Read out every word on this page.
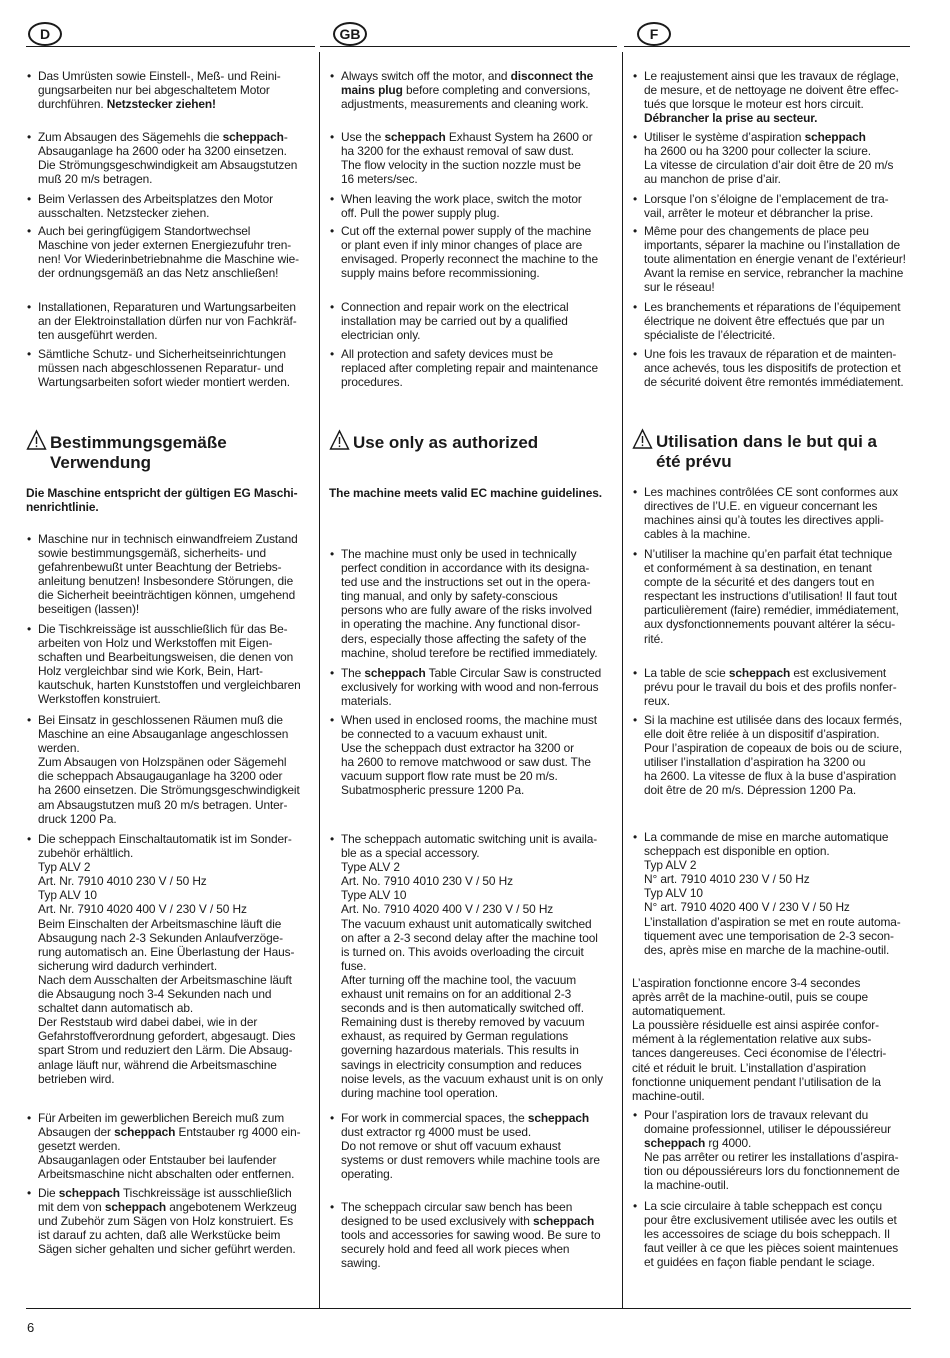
D	GB	F
6
• Das Umrüsten sowie Einstell-, Meß- und Reini-
gungsarbeiten nur bei abgeschaltetem Motor
durchführen. Netzstecker ziehen!
• Zum Absaugen des Sägemehls die scheppach-
Absauganlage ha 2600 oder ha 3200 einsetzen.
Die Strömungsgeschwindigkeit am Absaugstutzen
muß 20 m/s betragen.
• Beim Verlassen des Arbeitsplatzes den Motor
ausschalten. Netzstecker ziehen.
• Auch bei geringfügigem Standortwechsel
Maschine von jeder externen Energiezufuhr tren-
nen! Vor Wiederinbetriebnahme die Maschine wie-
der ordnungsgemäß an das Netz anschließen!
• Installationen, Reparaturen und Wartungsarbeiten
an der Elektroinstallation dürfen nur von Fachkräf-
ten ausgeführt werden.
• Sämtliche Schutz- und Sicherheitseinrichtungen
müssen nach abgeschlossenen Reparatur- und
Wartungsarbeiten sofort wieder montiert werden.
Die Maschine entspricht der gültigen EG Maschi-
nenrichtlinie.
• Maschine nur in technisch einwandfreiem Zustand
sowie bestimmungsgemäß, sicherheits- und
gefahrenbewußt unter Beachtung der Betriebs-
anleitung benutzen! Insbesondere Störungen, die
die Sicherheit beeinträchtigen können, umgehend
beseitigen (lassen)!
• Die Tischkreissäge ist ausschließlich für das Be-
arbeiten von Holz und Werkstoffen mit Eigen-
schaften und Bearbeitungsweisen, die denen von
Holz vergleichbar sind wie Kork, Bein, Hart-
kautschuk, harten Kunststoffen und vergleichbaren
Werkstoffen konstruiert.
• Bei Einsatz in geschlossenen Räumen muß die
Maschine an eine Absauganlage angeschlossen
werden.
Zum Absaugen von Holzspänen oder Sägemehl
die scheppach Absaugauganlage ha 3200 oder
ha 2600 einsetzen. Die Strömungsgeschwindigkeit
am Absaugstutzen muß 20 m/s betragen. Unter-
druck 1200 Pa.
• Die scheppach Einschaltautomatik ist im Sonder-
zubehör erhältlich.
Typ ALV 2
Art. Nr. 7910 4010 230 V / 50 Hz
Typ ALV 10
Art. Nr. 7910 4020 400 V / 230 V / 50 Hz
Beim Einschalten der Arbeitsmaschine läuft die
Absaugung nach 2-3 Sekunden Anlaufverzöge-
rung automatisch an. Eine Überlastung der Haus-
sicherung wird dadurch verhindert.
Nach dem Ausschalten der Arbeitsmaschine läuft
die Absaugung noch 3-4 Sekunden nach und
schaltet dann automatisch ab.
Der Reststaub wird dabei dabei, wie in der
Gefahrstoffverordnung gefordert, abgesaugt. Dies
spart Strom und reduziert den Lärm. Die Absaug-
anlage läuft nur, während die Arbeitsmaschine
betrieben wird.
• Für Arbeiten im gewerblichen Bereich muß zum
Absaugen der scheppach Entstauber rg 4000 ein-
gesetzt werden.
Absauganlagen oder Entstauber bei laufender
Arbeitsmaschine nicht abschalten oder entfernen.
• Die scheppach Tischkreissäge ist ausschließlich
mit dem von scheppach angebotenem Werkzeug
und Zubehör zum Sägen von Holz konstruiert. Es
ist darauf zu achten, daß alle Werkstücke beim
Sägen sicher gehalten und sicher geführt werden.
Bestimmungsgemäße
Verwendung
• Always switch off the motor, and disconnect the
mains plug before completing and conversions,
adjustments, measurements and cleaning work.
• Use the scheppach Exhaust System ha 2600 or
ha 3200 for the exhaust removal of saw dust.
The flow velocity in the suction nozzle must be
16 meters/sec.
• When leaving the work place, switch the motor
off. Pull the power supply plug.
• Cut off the external power supply of the machine
or plant even if inly minor changes of place are
envisaged. Properly reconnect the machine to the
supply mains before recommissioning.
• Connection and repair work on the electrical
installation may be carried out by a qualified
electrician only.
• All protection and safety devices must be
replaced after completing repair and maintenance
procedures.
The machine meets valid EC machine guidelines.
• The machine must only be used in technically
perfect condition in accordance with its designa-
ted use and the instructions set out in the opera-
ting manual, and only by safety-conscious
persons who are fully aware of the risks involved
in operating the machine. Any functional disor-
ders, especially those affecting the safety of the
machine, sholud terefore be rectified immediately.
• The scheppach Table Circular Saw is constructed
exclusively for working with wood and non-ferrous
materials.
• When used in enclosed rooms, the machine must
be connected to a vacuum exhaust unit.
Use the scheppach dust extractor ha 3200 or
ha 2600 to remove matchwood or saw dust. The
vacuum support flow rate must be 20 m/s.
Subatmospheric pressure 1200 Pa.
• The scheppach automatic switching unit is availa-
ble as a special accessory.
Type ALV 2
Art. No. 7910 4010 230 V / 50 Hz
Type ALV 10
Art. No. 7910 4020 400 V / 230 V / 50 Hz
The vacuum exhaust unit automatically switched
on after a 2-3 second delay after the machine tool
is turned on. This avoids overloading the circuit
fuse.
After turning off the machine tool, the vacuum
exhaust unit remains on for an additional 2-3
seconds and is then automatically switched off.
Remaining dust is thereby removed by vacuum
exhaust, as required by German regulations
governing hazardous materials. This results in
savings in electricity consumption and reduces
noise levels, as the vacuum exhaust unit is on only
during machine tool operation.
• For work in commercial spaces, the scheppach
dust extractor rg 4000 must be used.
Do not remove or shut off vacuum exhaust
systems or dust removers while machine tools are
operating.
• The scheppach circular saw bench has been
designed to be used exclusively with scheppach
tools and accessories for sawing wood. Be sure to
securely hold and feed all work pieces when
sawing.
Use only as authorized
• Le reajustement ainsi que les travaux de réglage,
de mesure, et de nettoyage ne doivent être effec-
tués que lorsque le moteur est hors circuit.
Débrancher la prise au secteur.
• Utiliser le système d’aspiration scheppach
ha 2600 ou ha 3200 pour collecter la sciure.
La vitesse de circulation d’air doit être de 20 m/s
au manchon de prise d’air.
• Lorsque l’on s’éloigne de l’emplacement de tra-
vail, arrêter le moteur et débrancher la prise.
• Même pour des changements de place peu
importants, séparer la machine ou l’installation de
toute alimentation en énergie venant de l’extérieur!
Avant la remise en service, rebrancher la machine
sur le réseau!
• Les branchements et réparations de l’équipement
électrique ne doivent être effectués que par un
spécialiste de l’électricité.
• Une fois les travaux de réparation et de mainten-
ance achevés, tous les dispositifs de protection et
de sécurité doivent être remontés immédiatement.
• Les machines contrôlées CE sont conformes aux
directives de l’U.E. en vigueur concernant les
machines ainsi qu’à toutes les directives appli-
cables à la machine.
• N’utiliser la machine qu’en parfait état technique
et conformément à sa destination, en tenant
compte de la sécurité et des dangers tout en
respectant les instructions d’utilisation! Il faut tout
particulièrement (faire) remédier, immédiatement,
aux dysfonctionnements pouvant altérer la sécu-
rité.
• La table de scie scheppach est exclusivement
prévu pour le travail du bois et des profils nonfer-
reux.
• Si la machine est utilisée dans des locaux fermés,
elle doit être reliée à un dispositif d’aspiration.
Pour l’aspiration de copeaux de bois ou de sciure,
utiliser l’installation d’aspiration ha 3200 ou
ha 2600. La vitesse de flux à la buse d’aspiration
doit être de 20 m/s. Dépression 1200 Pa.
• La commande de mise en marche automatique
scheppach est disponible en option.
Typ ALV 2
N° art. 7910 4010 230 V / 50 Hz
Typ ALV 10
N° art. 7910 4020 400 V / 230 V / 50 Hz
L’installation d’aspiration se met en route automa-
tiquement avec une temporisation de 2-3 secon-
des, après mise en marche de la machine-outil.
L’aspiration fonctionne encore 3-4 secondes
après arrêt de la machine-outil, puis se coupe
automatiquement.
La poussière résiduelle est ainsi aspirée confor-
mément à la réglementation relative aux subs-
tances dangereuses. Ceci économise de l’électri-
cité et réduit le bruit. L’installation d’aspiration
fonctionne uniquement pendant l’utilisation de la
machine-outil.
• Pour l’aspiration lors de travaux relevant du
domaine professionnel, utiliser le dépoussiéreur
scheppach rg 4000.
Ne pas arrêter ou retirer les installations d’aspira-
tion ou dépoussiéreurs lors du fonctionnement de
la machine-outil.
• La scie circulaire à table scheppach est conçu
pour être exclusivement utilisée avec les outils et
les accessoires de sciage du bois scheppach. Il
faut veiller à ce que les pièces soient maintenues
et guidées en façon fiable pendant le sciage.
Utilisation dans le but qui a
été prévu
